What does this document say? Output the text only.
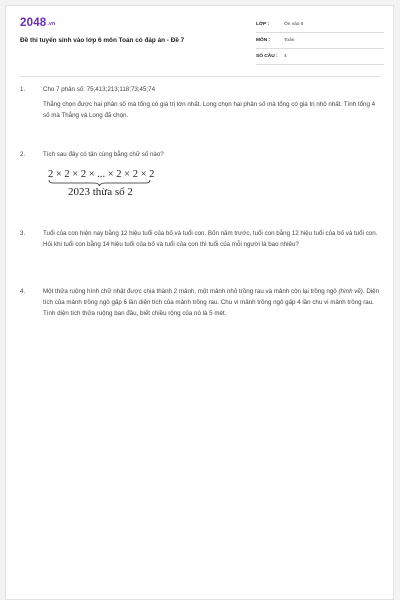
$2048^{.vn}$
Đề thi tuyển sinh vào lớp 6 môn Toán có đáp án - Đề 7
LỚP :	Ôn vào 6
MÔN :	Toán
SỐ CÂU : 4
1.	Cho 7 phân số: 75;413;213;118;73;45;74

Thắng chọn được hai phân số mà tổng có giá trị lớn nhất. Long chọn hai phân số mà tổng có giá trị nhỏ nhất. Tính tổng 4 số mà Thắng và Long đã chọn.

2.	Tích sau đây có tận cùng bằng chữ số nào?

2 × 2 × 2 × ... × 2 × 2 × 2
2023 thừa số 2
3.	Tuổi của con hiện nay bằng 12 hiệu tuổi của bố và tuổi con. Bốn năm trước, tuổi con bằng 12 hiệu tuổi của bố và tuổi con. Hỏi khi tuổi con bằng 14 hiệu tuổi của bố và tuổi của con thì tuổi của mỗi người là bao nhiêu?

4.	Một thửa ruộng hình chữ nhật được chia thành 2 mảnh, một mảnh nhỏ trồng rau và mảnh còn lại trồng ngô (hình vẽ). Diện tích của mảnh trồng ngô gấp 6 lần diện tích của mảnh trồng rau. Chu vi mảnh trồng ngô gấp 4 lần chu vi mảnh trồng rau. Tính diện tích thửa ruộng ban đầu, biết chiều rộng của nó là 5 mét.
